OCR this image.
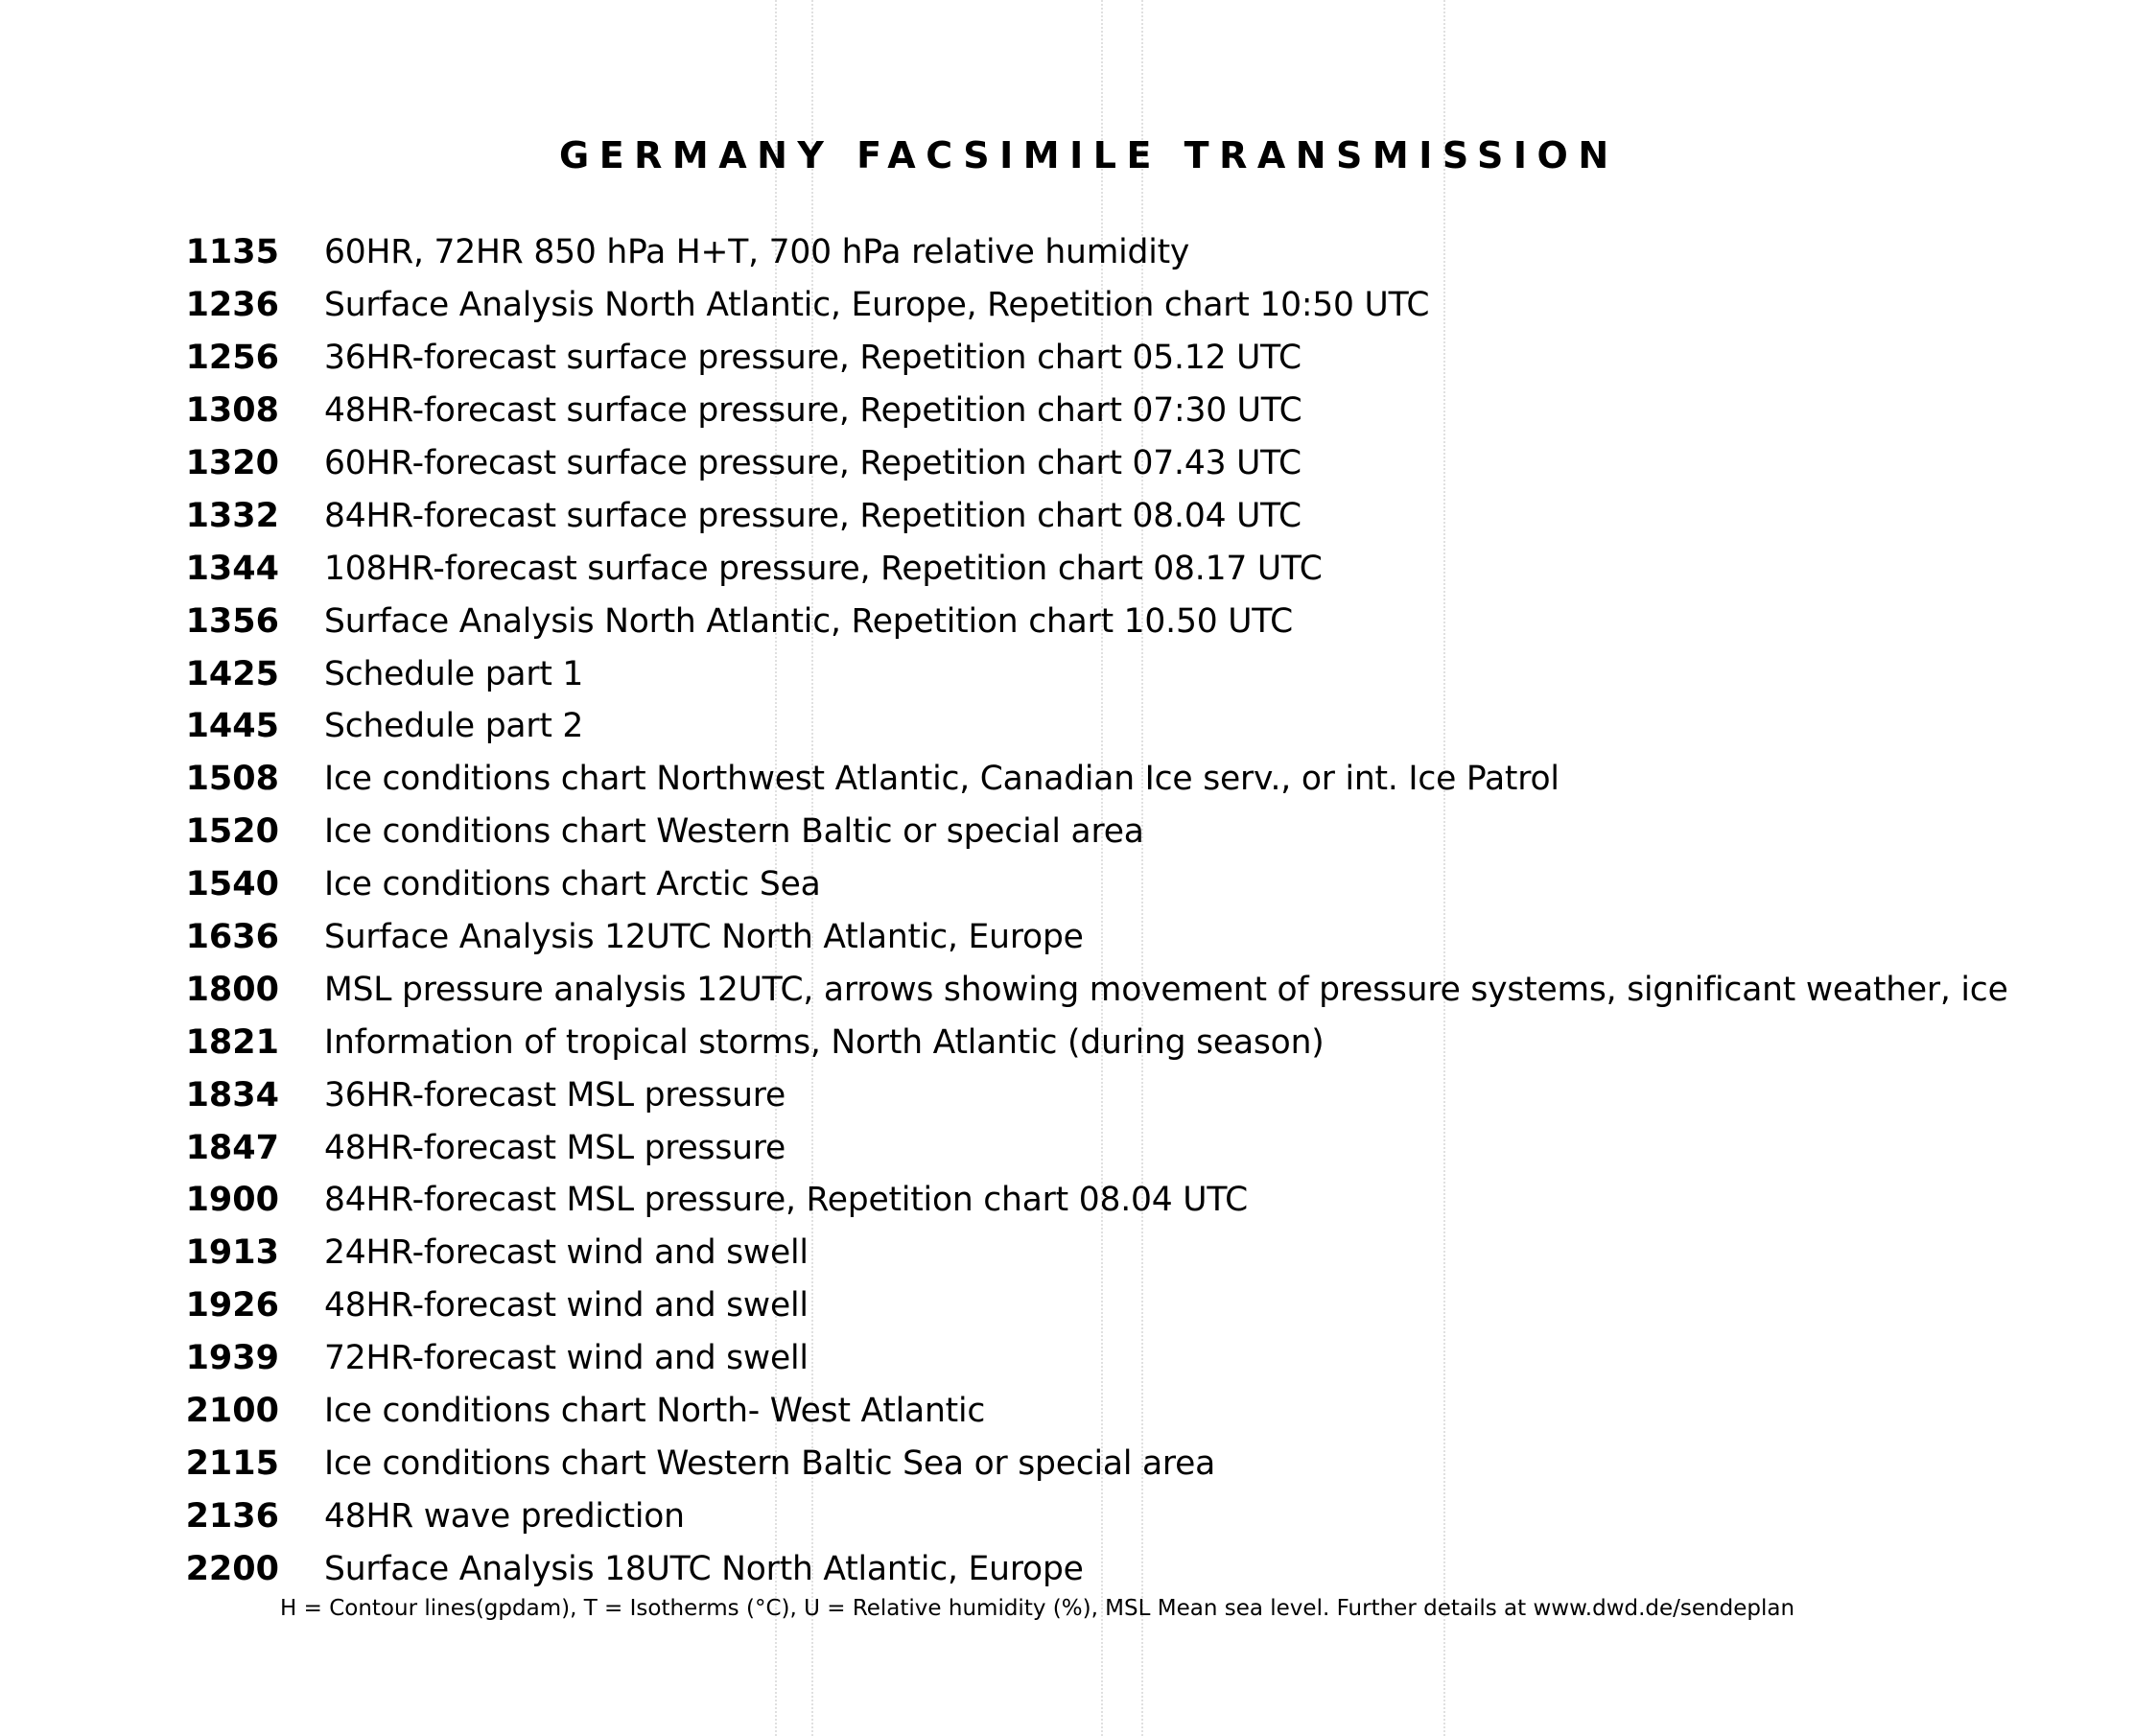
GERMANY FACSIMILE TRANSMISSION
1135 60HR, 72HR 850 hPa H+T, 700 hPa relative humidity
1236 Surface Analysis North Atlantic, Europe, Repetition chart 10:50 UTC
1256 36HR-forecast surface pressure, Repetition chart 05.12 UTC
1308 48HR-forecast surface pressure, Repetition chart 07:30 UTC
1320 60HR-forecast surface pressure, Repetition chart 07.43 UTC
1332 84HR-forecast surface pressure, Repetition chart 08.04 UTC
1344 108HR-forecast surface pressure, Repetition chart 08.17 UTC
1356 Surface Analysis North Atlantic, Repetition chart 10.50 UTC
1425 Schedule part 1
1445 Schedule part 2
1508 Ice conditions chart Northwest Atlantic, Canadian Ice serv., or int. Ice Patrol
1520 Ice conditions chart Western Baltic or special area
1540 Ice conditions chart Arctic Sea
1636 Surface Analysis 12UTC North Atlantic, Europe
1800 MSL pressure analysis 12UTC, arrows showing movement of pressure systems, significant weather, ice
1821 Information of tropical storms, North Atlantic (during season)
1834 36HR-forecast MSL pressure
1847 48HR-forecast MSL pressure
1900 84HR-forecast MSL pressure, Repetition chart 08.04 UTC
1913 24HR-forecast wind and swell
1926 48HR-forecast wind and swell
1939 72HR-forecast wind and swell
2100 Ice conditions chart North- West Atlantic
2115 Ice conditions chart Western Baltic Sea or special area
2136 48HR wave prediction
2200 Surface Analysis 18UTC North Atlantic, Europe

H = Contour lines(gpdam), T = Isotherms (°C), U = Relative humidity (%), MSL Mean sea level. Further details at www.dwd.de/sendeplan
